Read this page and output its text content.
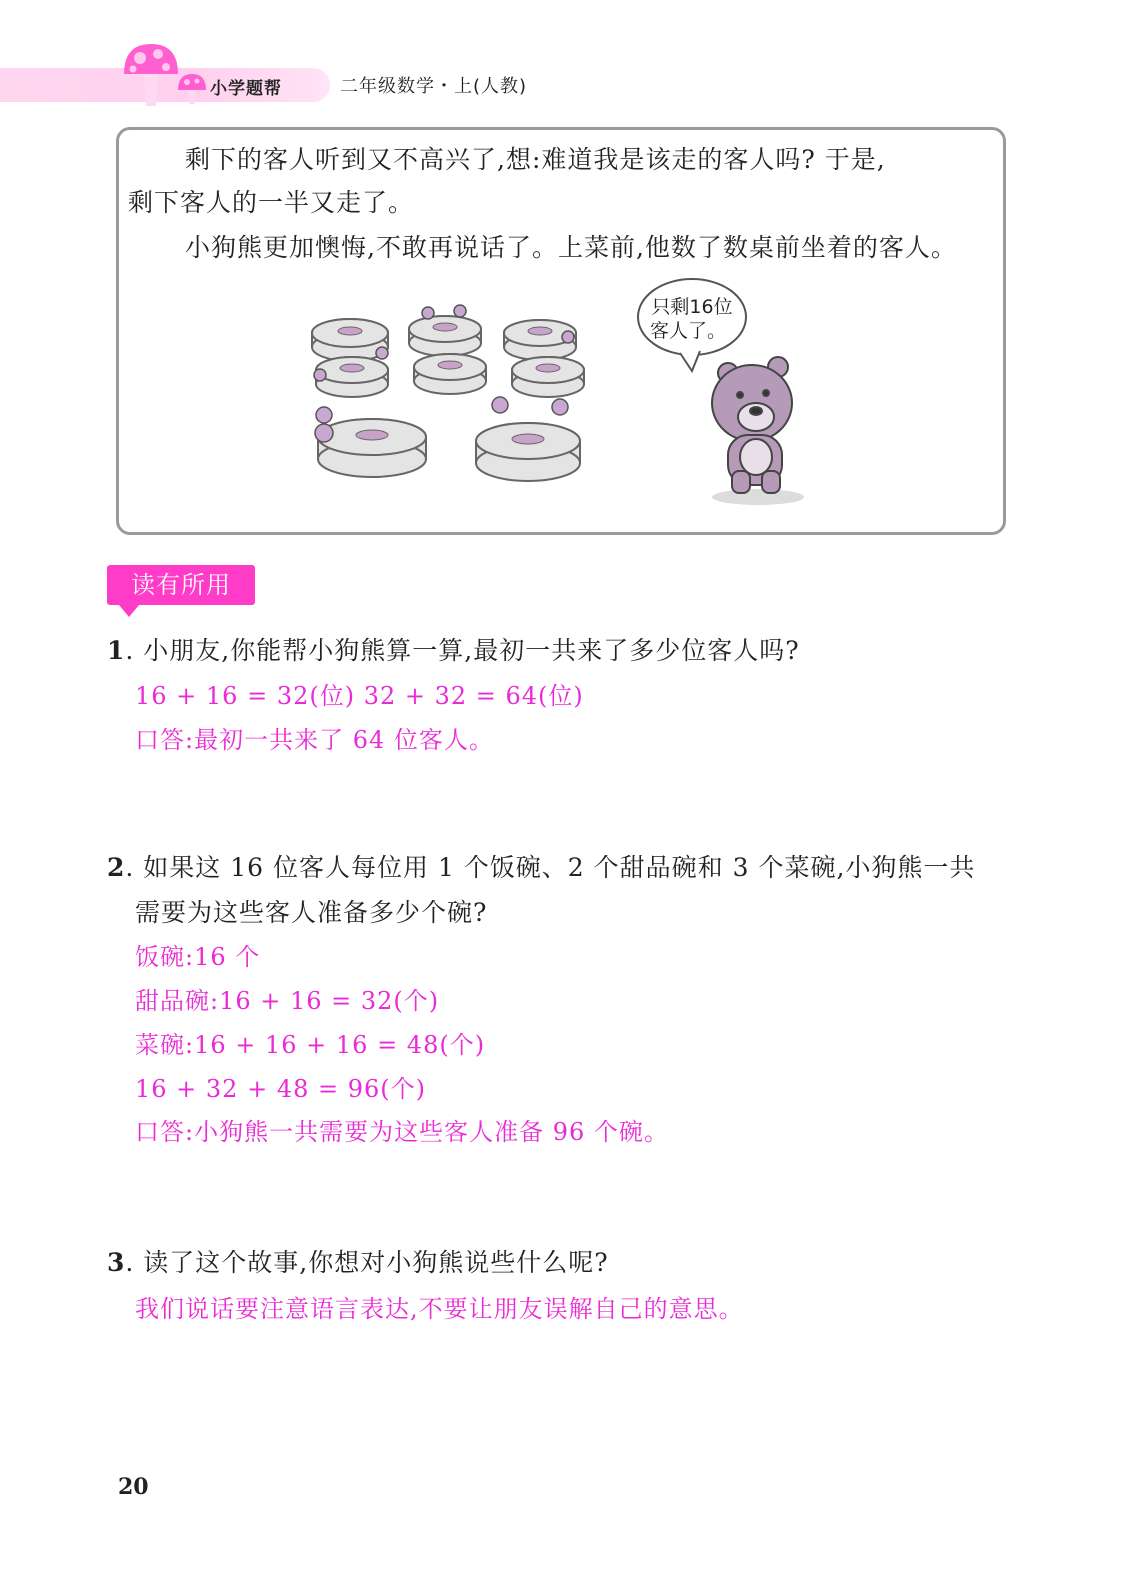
小学题帮	二年级数学・上(人教)

剩下的客人听到又不高兴了,想:难道我是该走的客人吗? 于是,

剩下客人的一半又走了。

小狗熊更加懊悔,不敢再说话了。上菜前,他数了数桌前坐着的客人。

只剩16位
客人了。
读有所用

1. 小朋友,你能帮小狗熊算一算,最初一共来了多少位客人吗?

16 + 16 = 32(位) 32 + 32 = 64(位)

口答:最初一共来了 64 位客人。

2. 如果这 16 位客人每位用 1 个饭碗、2 个甜品碗和 3 个菜碗,小狗熊一共

需要为这些客人准备多少个碗?

饭碗:16 个

甜品碗:16 + 16 = 32(个)

菜碗:16 + 16 + 16 = 48(个)

16 + 32 + 48 = 96(个)

口答:小狗熊一共需要为这些客人准备 96 个碗。

3. 读了这个故事,你想对小狗熊说些什么呢?

我们说话要注意语言表达,不要让朋友误解自己的意思。

20
